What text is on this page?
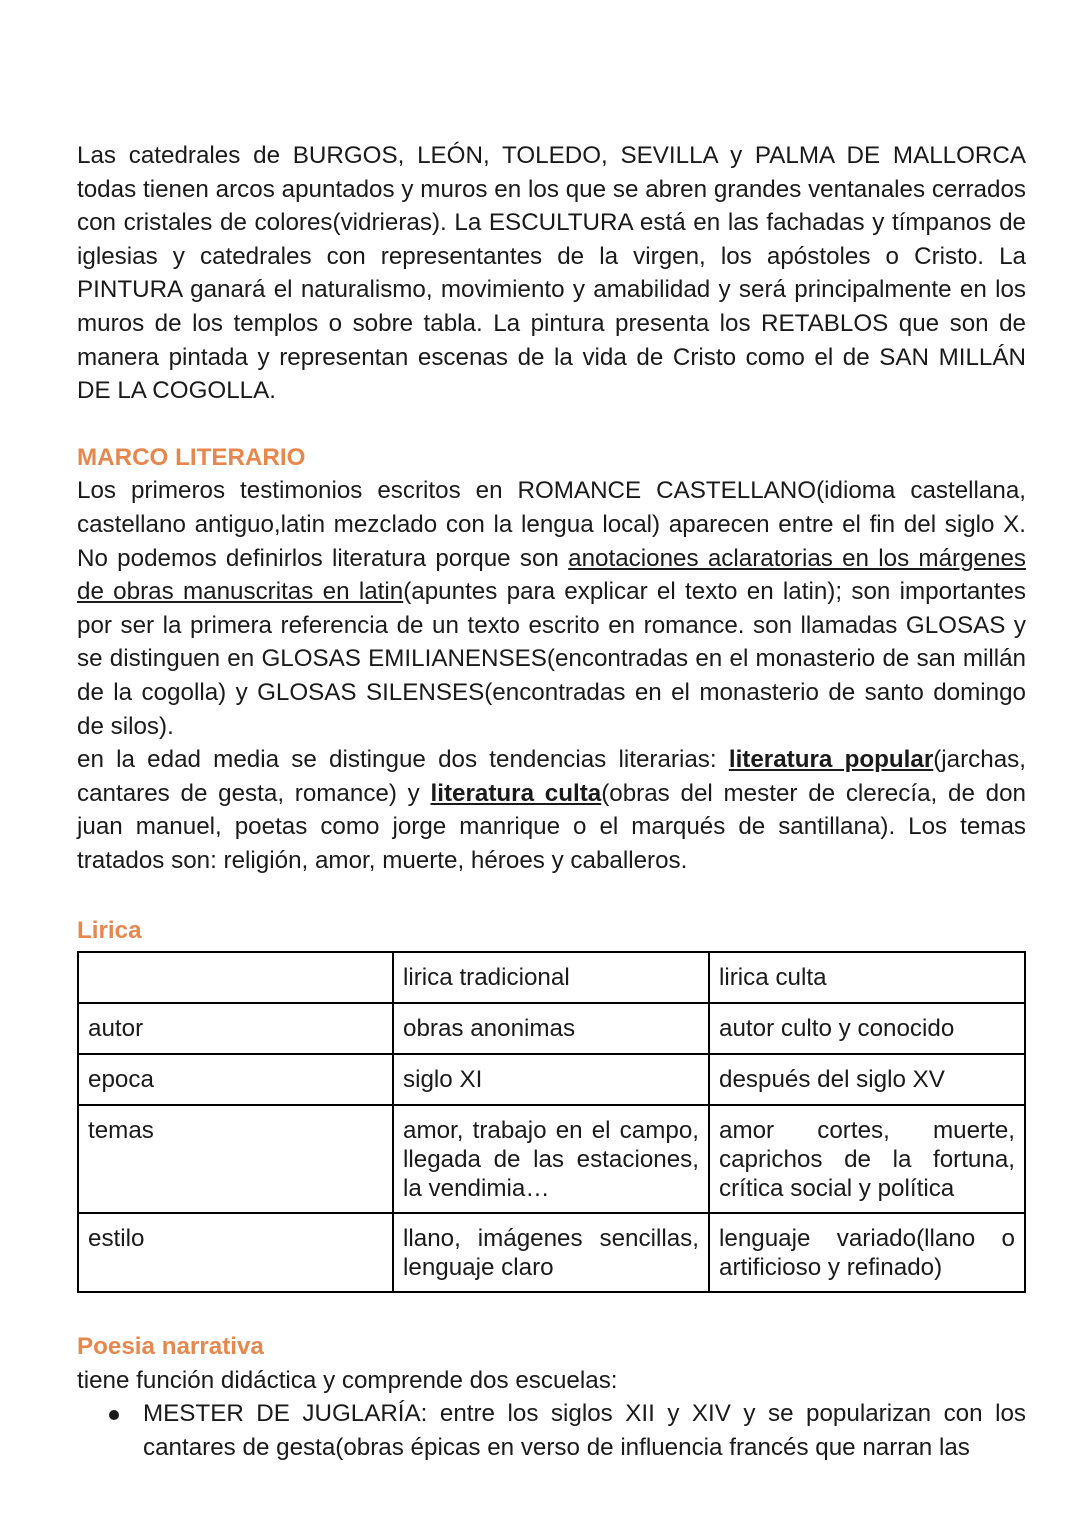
Las catedrales de BURGOS, LEÓN, TOLEDO, SEVILLA y PALMA DE MALLORCA todas tienen arcos apuntados y muros en los que se abren grandes ventanales cerrados con cristales de colores(vidrieras). La ESCULTURA está en las fachadas y tímpanos de iglesias y catedrales con representantes de la virgen, los apóstoles o Cristo. La PINTURA ganará el naturalismo, movimiento y amabilidad y será principalmente en los muros de los templos o sobre tabla. La pintura presenta los RETABLOS que son de manera pintada y representan escenas de la vida de Cristo como el de SAN MILLÁN DE LA COGOLLA.

MARCO LITERARIO

Los primeros testimonios escritos en ROMANCE CASTELLANO(idioma castellana, castellano antiguo,latin mezclado con la lengua local) aparecen entre el fin del siglo X. No podemos definirlos literatura porque son anotaciones aclaratorias en los márgenes de obras manuscritas en latin(apuntes para explicar el texto en latin); son importantes por ser la primera referencia de un texto escrito en romance. son llamadas GLOSAS y se distinguen en GLOSAS EMILIANENSES(encontradas en el monasterio de san millán de la cogolla) y GLOSAS SILENSES(encontradas en el monasterio de santo domingo de silos).

en la edad media se distingue dos tendencias literarias: literatura popular(jarchas, cantares de gesta, romance) y literatura culta(obras del mester de clerecía, de don juan manuel, poetas como jorge manrique o el marqués de santillana). Los temas tratados son: religión, amor, muerte, héroes y caballeros.

Lirica
	lirica tradicional	lirica culta
autor	obras anonimas	autor culto y conocido
epoca	siglo XI	después del siglo XV
temas	amor, trabajo en el campo, llegada de las estaciones, la vendimia…	amor cortes, muerte, caprichos de la fortuna, crítica social y política
estilo	llano, imágenes sencillas, lenguaje claro	lenguaje variado(llano o artificioso y refinado)
Poesia narrativa

tiene función didáctica y comprende dos escuelas:

MESTER DE JUGLARÍA: entre los siglos XII y XIV y se popularizan con los cantares de gesta(obras épicas en verso de influencia francés que narran las
